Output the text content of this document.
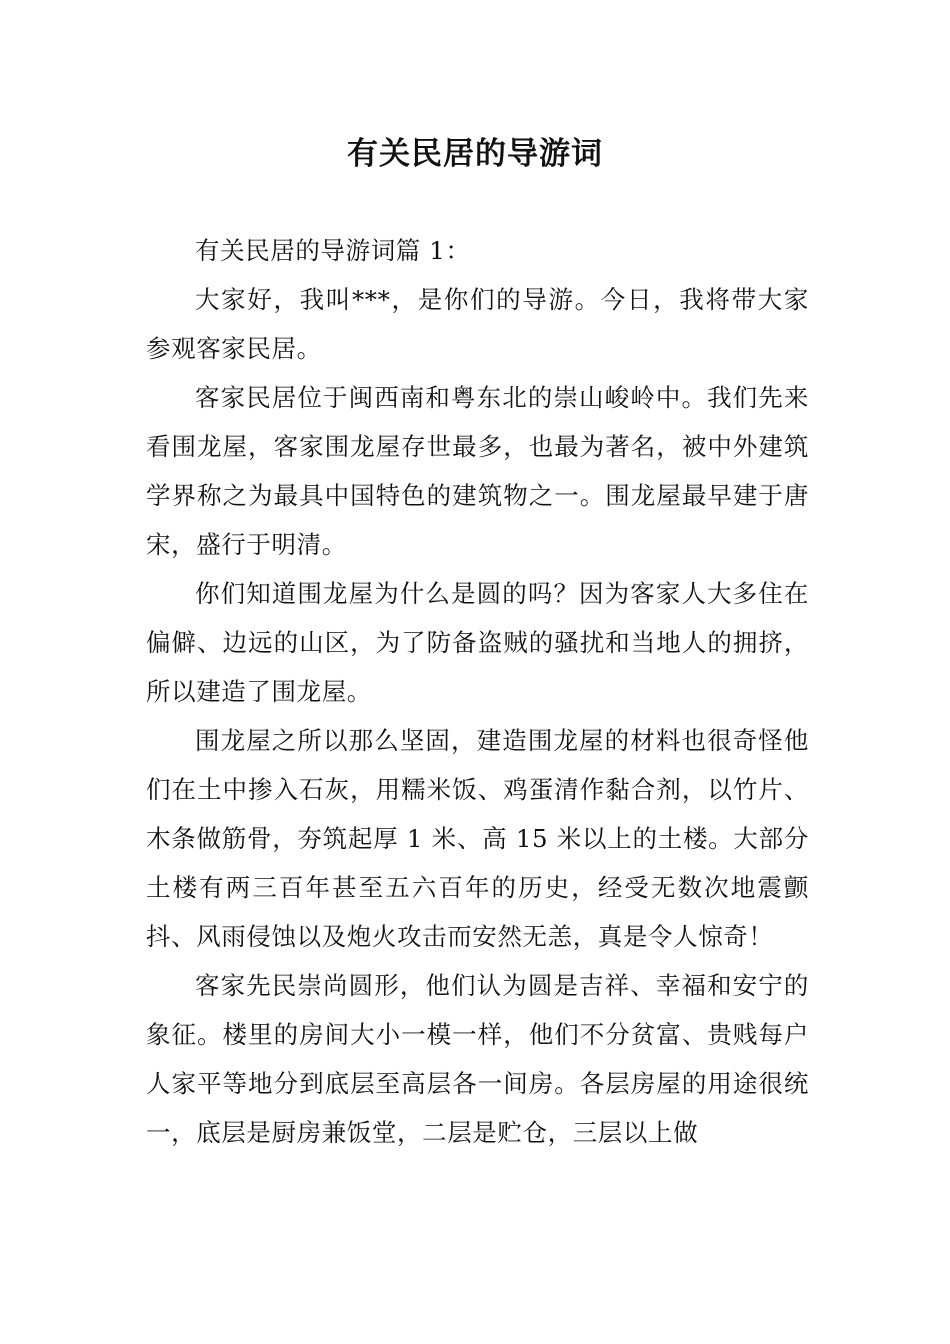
有关民居的导游词

有关民居的导游词篇 1：

大家好，我叫***，是你们的导游。今日，我将带大家参观客家民居。

客家民居位于闽西南和粤东北的崇山峻岭中。我们先来看围龙屋，客家围龙屋存世最多，也最为著名，被中外建筑学界称之为最具中国特色的建筑物之一。围龙屋最早建于唐宋，盛行于明清。

你们知道围龙屋为什么是圆的吗？因为客家人大多住在偏僻、边远的山区，为了防备盗贼的骚扰和当地人的拥挤，所以建造了围龙屋。

围龙屋之所以那么坚固，建造围龙屋的材料也很奇怪他们在土中掺入石灰，用糯米饭、鸡蛋清作黏合剂，以竹片、木条做筋骨，夯筑起厚 1 米、高 15 米以上的土楼。大部分土楼有两三百年甚至五六百年的历史，经受无数次地震颤抖、风雨侵蚀以及炮火攻击而安然无恙，真是令人惊奇！

客家先民崇尚圆形，他们认为圆是吉祥、幸福和安宁的象征。楼里的房间大小一模一样，他们不分贫富、贵贱每户人家平等地分到底层至高层各一间房。各层房屋的用途很统一，底层是厨房兼饭堂，二层是贮仓，三层以上做
